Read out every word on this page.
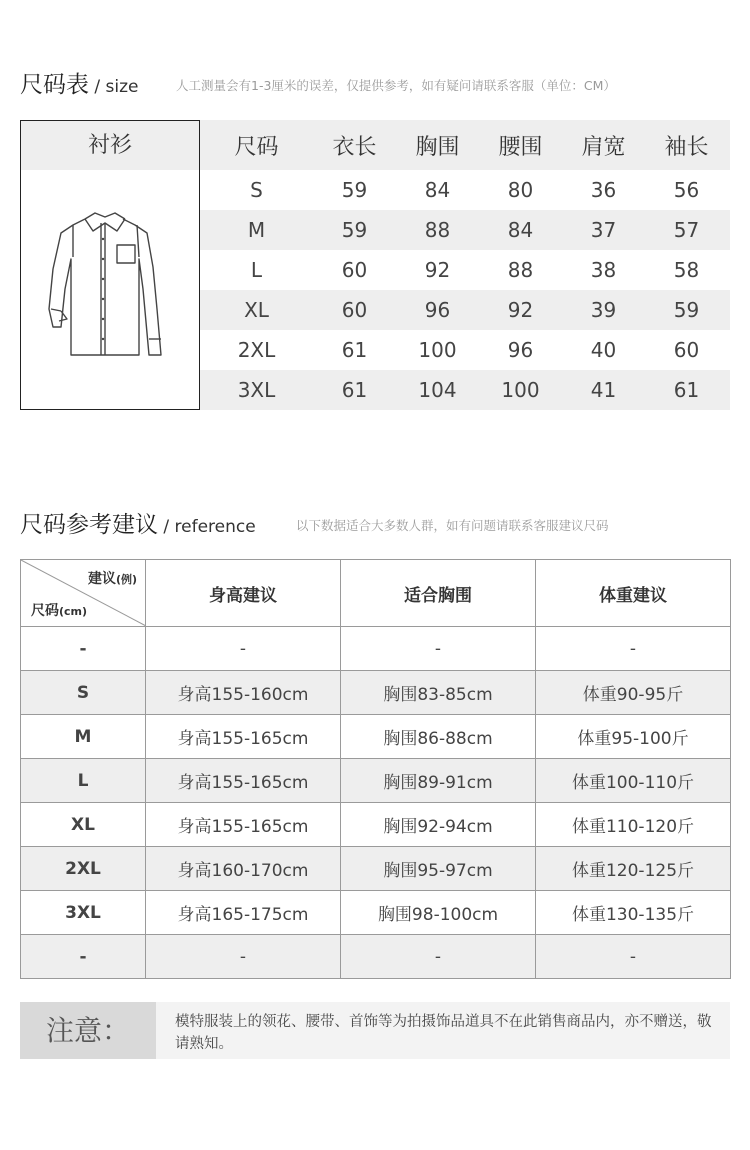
尺码表 / size	人工测量会有1-3厘米的误差，仅提供参考，如有疑问请联系客服（单位：CM）
衬衫	尺码	衣长	胸围	腰围	肩宽	袖长
S	59	84	80	36	56
M	59	88	84	37	57
L	60	92	88	38	58
XL	60	96	92	39	59
2XL	61	100	96	40	60
3XL	61	104	100	41	61
尺码参考建议 / reference	以下数据适合大多数人群，如有问题请联系客服建议尺码
建议(例)
尺码(cm)	身高建议	适合胸围	体重建议
-	-	-	-
S	身高155-160cm	胸围83-85cm	体重90-95斤
M	身高155-165cm	胸围86-88cm	体重95-100斤
L	身高155-165cm	胸围89-91cm	体重100-110斤
XL	身高155-165cm	胸围92-94cm	体重110-120斤
2XL	身高160-170cm	胸围95-97cm	体重120-125斤
3XL	身高165-175cm	胸围98-100cm	体重130-135斤
-	-	-	-
注意：	模特服装上的领花、腰带、首饰等为拍摄饰品道具不在此销售商品内，亦不赠送，敬请熟知。
